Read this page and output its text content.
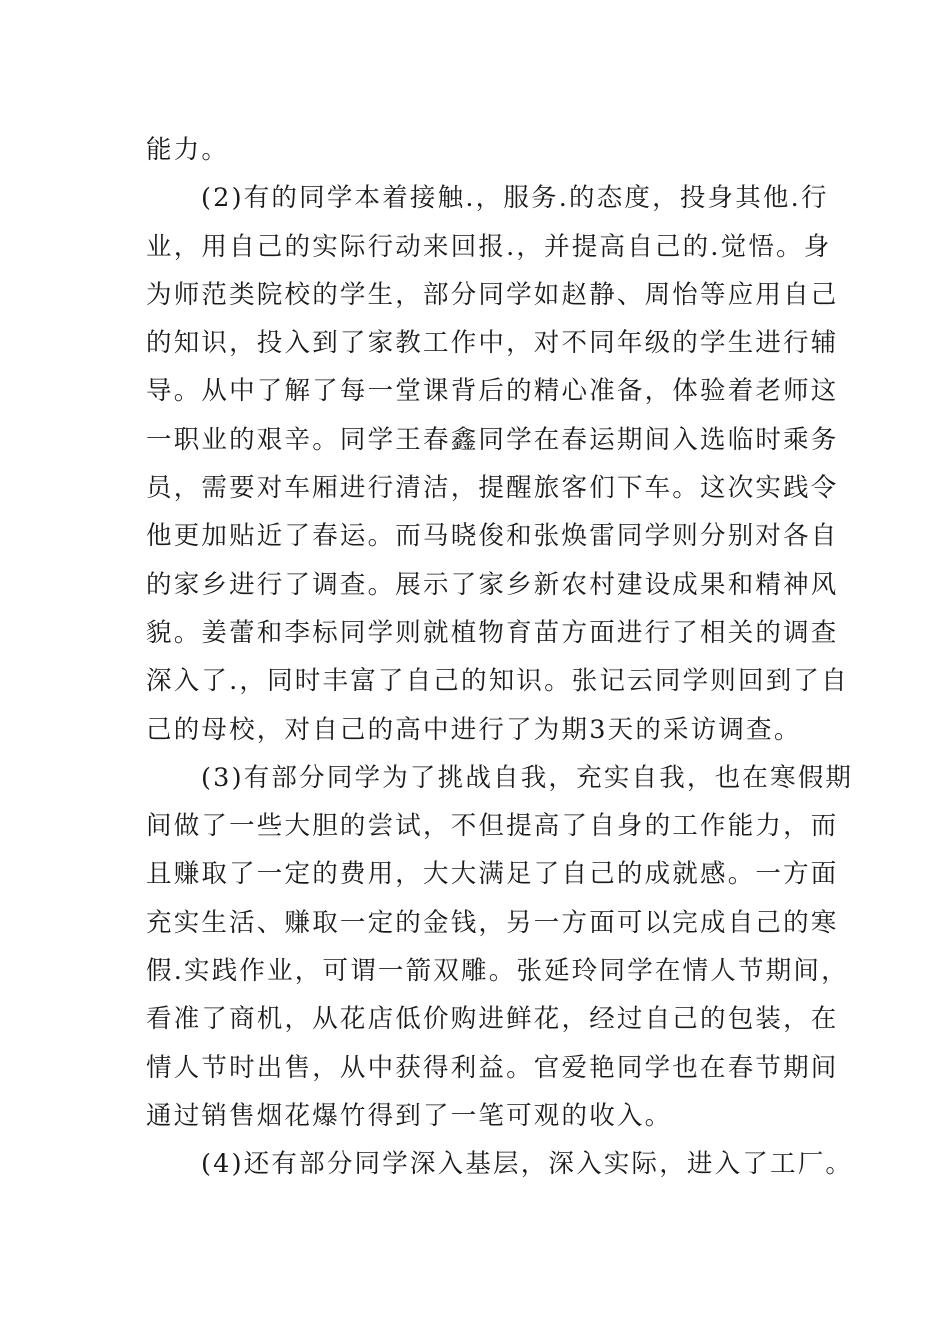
能力。
(2)有的同学本着接触.，服务.的态度，投身其他.行
业，用自己的实际行动来回报.，并提高自己的.觉悟。身
为师范类院校的学生，部分同学如赵静、周怡等应用自己
的知识，投入到了家教工作中，对不同年级的学生进行辅
导。从中了解了每一堂课背后的精心准备，体验着老师这
一职业的艰辛。同学王春鑫同学在春运期间入选临时乘务
员，需要对车厢进行清洁，提醒旅客们下车。这次实践令
他更加贴近了春运。而马晓俊和张焕雷同学则分别对各自
的家乡进行了调查。展示了家乡新农村建设成果和精神风
貌。姜蕾和李标同学则就植物育苗方面进行了相关的调查
深入了.，同时丰富了自己的知识。张记云同学则回到了自
己的母校，对自己的高中进行了为期3天的采访调查。
(3)有部分同学为了挑战自我，充实自我，也在寒假期
间做了一些大胆的尝试，不但提高了自身的工作能力，而
且赚取了一定的费用，大大满足了自己的成就感。一方面
充实生活、赚取一定的金钱，另一方面可以完成自己的寒
假.实践作业，可谓一箭双雕。张延玲同学在情人节期间，
看准了商机，从花店低价购进鲜花，经过自己的包装，在
情人节时出售，从中获得利益。官爱艳同学也在春节期间
通过销售烟花爆竹得到了一笔可观的收入。
(4)还有部分同学深入基层，深入实际，进入了工厂。
